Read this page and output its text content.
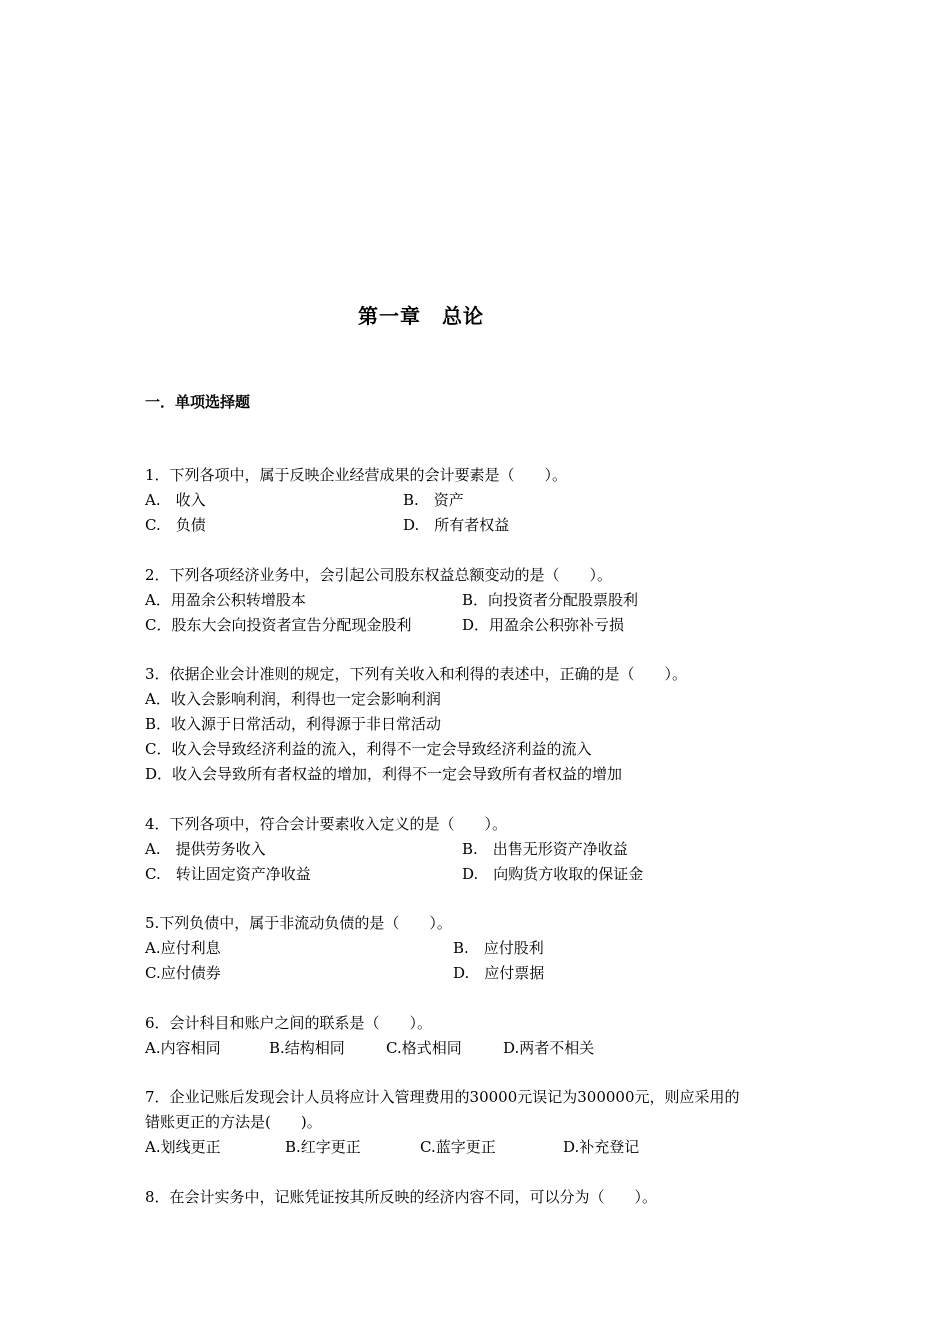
第一章　总论
一．单项选择题
1．下列各项中，属于反映企业经营成果的会计要素是（　　）。
A.　收入	B.　资产
C.　负债	D.　所有者权益
2．下列各项经济业务中，会引起公司股东权益总额变动的是（　　）。
A．用盈余公积转增股本	B．向投资者分配股票股利
C．股东大会向投资者宣告分配现金股利	D．用盈余公积弥补亏损
3．依据企业会计准则的规定，下列有关收入和利得的表述中，正确的是（　　）。
A．收入会影响利润，利得也一定会影响利润
B．收入源于日常活动，利得源于非日常活动
C．收入会导致经济利益的流入，利得不一定会导致经济利益的流入
D．收入会导致所有者权益的增加，利得不一定会导致所有者权益的增加
4．下列各项中，符合会计要素收入定义的是（　　）。
A.　提供劳务收入	B.　出售无形资产净收益
C.　转让固定资产净收益	D.　向购货方收取的保证金
5.下列负债中，属于非流动负债的是（　　）。
A.应付利息	B.　应付股利
C.应付债券	D.　应付票据
6．会计科目和账户之间的联系是（　　）。
A.内容相同	B.结构相同	C.格式相同	D.两者不相关
7．企业记账后发现会计人员将应计入管理费用的30000元误记为300000元，则应采用的
错账更正的方法是(　　)。
A.划线更正	B.红字更正	C.蓝字更正	D.补充登记
8．在会计实务中，记账凭证按其所反映的经济内容不同，可以分为（　　）。
